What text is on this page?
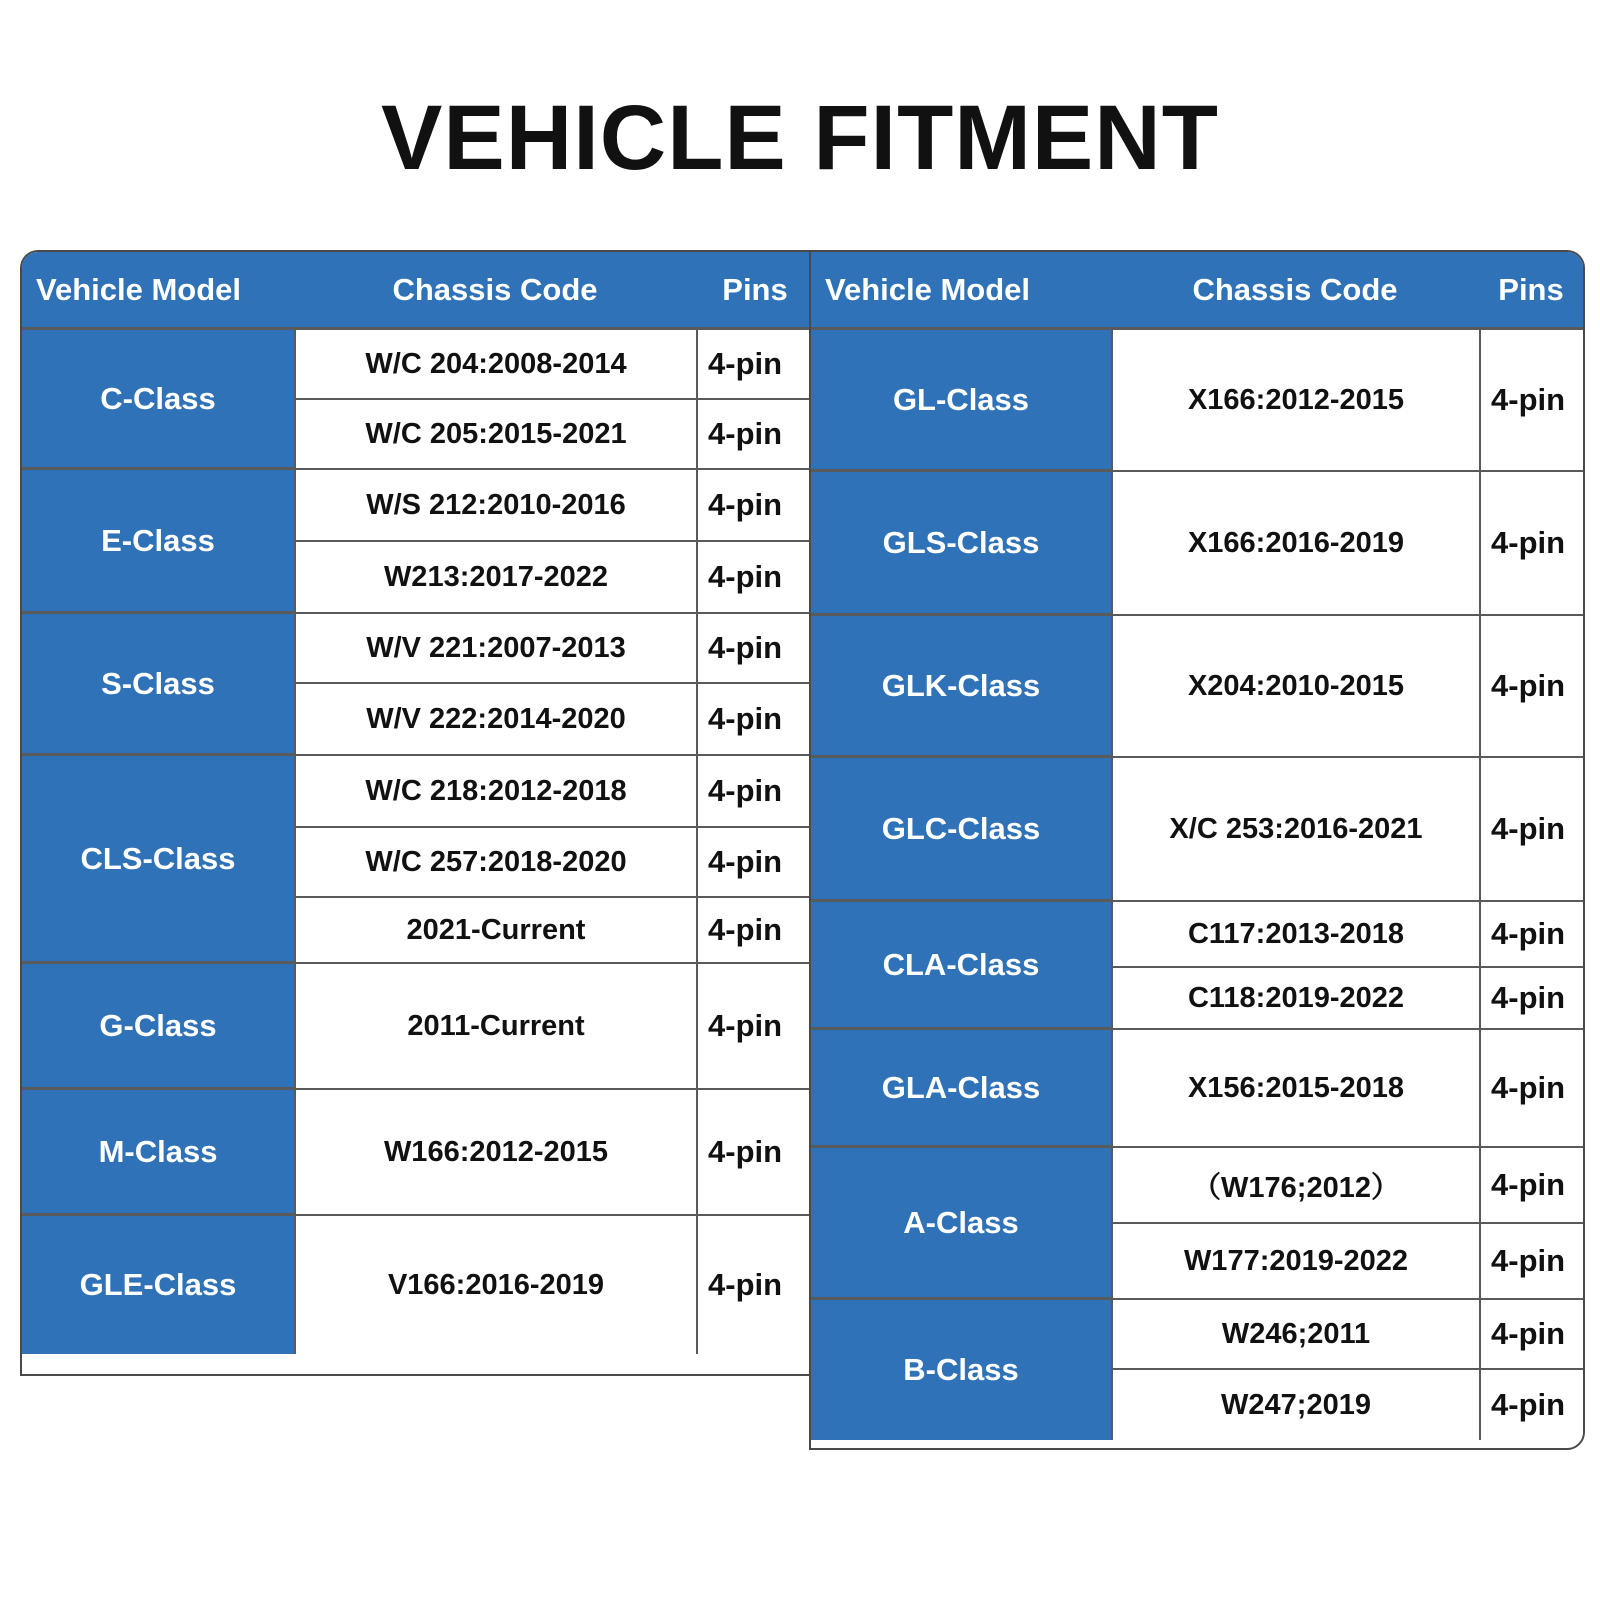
VEHICLE FITMENT
Vehicle Model	Chassis Code	Pins
C-Class
W/C 204:2008-2014	4-pin
W/C 205:2015-2021	4-pin
E-Class
W/S 212:2010-2016	4-pin
W213:2017-2022	4-pin
S-Class
W/V 221:2007-2013	4-pin
W/V 222:2014-2020	4-pin
CLS-Class
W/C 218:2012-2018	4-pin
W/C 257:2018-2020	4-pin
2021-Current	4-pin
G-Class	2011-Current	4-pin
M-Class	W166:2012-2015	4-pin
GLE-Class	V166:2016-2019	4-pin
Vehicle Model	Chassis Code	Pins
GL-Class	X166:2012-2015	4-pin
GLS-Class	X166:2016-2019	4-pin
GLK-Class	X204:2010-2015	4-pin
GLC-Class	X/C 253:2016-2021	4-pin
CLA-Class
C117:2013-2018	4-pin
C118:2019-2022	4-pin
GLA-Class	X156:2015-2018	4-pin
A-Class
（W176;2012）	4-pin
W177:2019-2022	4-pin
B-Class
W246;2011	4-pin
W247;2019	4-pin
